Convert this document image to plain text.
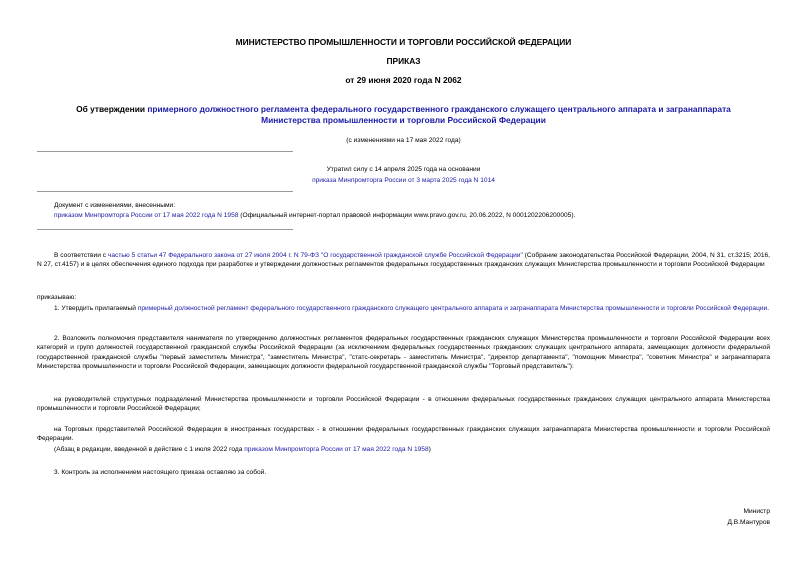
МИНИСТЕРСТВО ПРОМЫШЛЕННОСТИ И ТОРГОВЛИ РОССИЙСКОЙ ФЕДЕРАЦИИ
ПРИКАЗ
от 29 июня 2020 года N 2062
Об утверждении примерного должностного регламента федерального государственного гражданского служащего центрального аппарата и загранаппарата
Министерства промышленности и торговли Российской Федерации
(с изменениями на 17 мая 2022 года)
Утратил силу с 14 апреля 2025 года на основании
приказа Минпромторга России от 3 марта 2025 года N 1014
Документ с изменениями, внесенными:
приказом Минпромторга России от 17 мая 2022 года N 1958 (Официальный интернет-портал правовой информации www.pravo.gov.ru, 20.06.2022, N 0001202206200005).
В соответствии с частью 5 статьи 47 Федерального закона от 27 июля 2004 г. N 79-ФЗ "О государственной гражданской службе Российской Федерации" (Собрание законодательства Российской Федерации, 2004, N 31, ст.3215; 2016, N 27, ст.4157) и в целях обеспечения единого подхода при разработке и утверждении должностных регламентов федеральных государственных гражданских служащих Министерства промышленности и торговли Российской Федерации
приказываю:
1. Утвердить прилагаемый примерный должностной регламент федерального государственного гражданского служащего центрального аппарата и загранаппарата Министерства промышленности и торговли Российской Федерации.
2. Возложить полномочия представителя нанимателя по утверждению должностных регламентов федеральных государственных гражданских служащих Министерства промышленности и торговли Российской Федерации всех категорий и групп должностей государственной гражданской службы Российской Федерации (за исключением федеральных государственных гражданских служащих центрального аппарата, замещающих должности федеральной государственной гражданской службы "первый заместитель Министра", "заместитель Министра", "статс-секретарь - заместитель Министра", "директор департамента", "помощник Министра", "советник Министра" и загранаппарата Министерства промышленности и торговли Российской Федерации, замещающих должности федеральной государственной гражданской службы "Торговый представитель"):
на руководителей структурных подразделений Министерства промышленности и торговли Российской Федерации - в отношении федеральных государственных гражданских служащих центрального аппарата Министерства промышленности и торговли Российской Федерации;
на Торговых представителей Российской Федерации в иностранных государствах - в отношении федеральных государственных гражданских служащих загранаппарата Министерства промышленности и торговли Российской Федерации.
(Абзац в редакции, введенной в действие с 1 июля 2022 года приказом Минпромторга России от 17 мая 2022 года N 1958)
3. Контроль за исполнением настоящего приказа оставляю за собой.
Министр
Д.В.Мантуров
